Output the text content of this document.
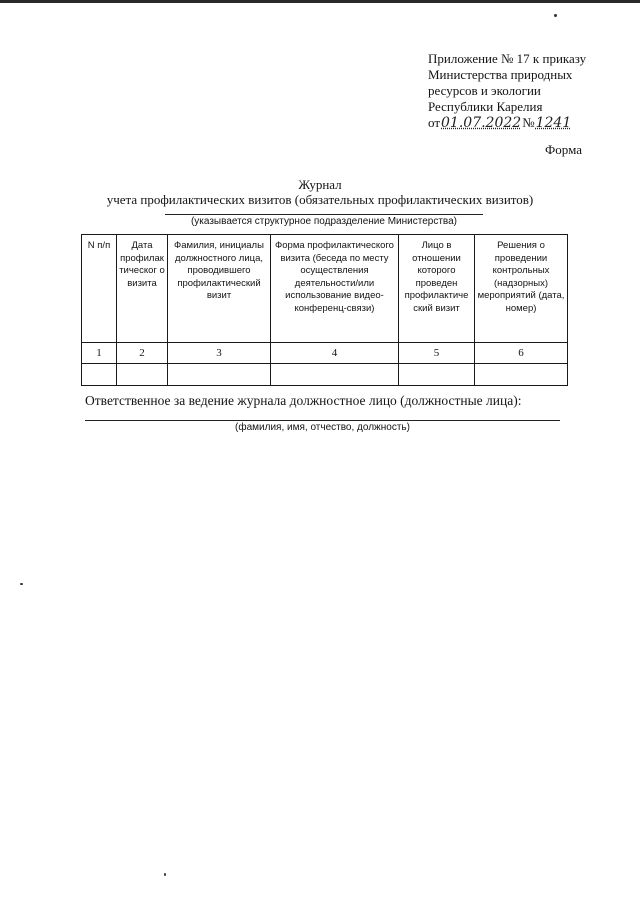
Приложение № 17 к приказу
Министерства природных
ресурсов и экологии
Республики Карелия
от 01.07.2022 № 1241
Форма
Журнал
учета профилактических визитов (обязательных профилактических визитов)
(указывается структурное подразделение Министерства)
N п/п	Дата профилак тическог о визита	Фамилия, инициалы должностного лица, проводившего профилактический визит	Форма профилактического визита (беседа по месту осуществления деятельности/или использование видео-конференц-связи)	Лицо в отношении которого проведен профилактиче ский визит	Решения о проведении контрольных (надзорных) мероприятий (дата, номер)
1	2	3	4	5	6

Ответственное за ведение журнала должностное лицо (должностные лица):
(фамилия, имя, отчество, должность)
